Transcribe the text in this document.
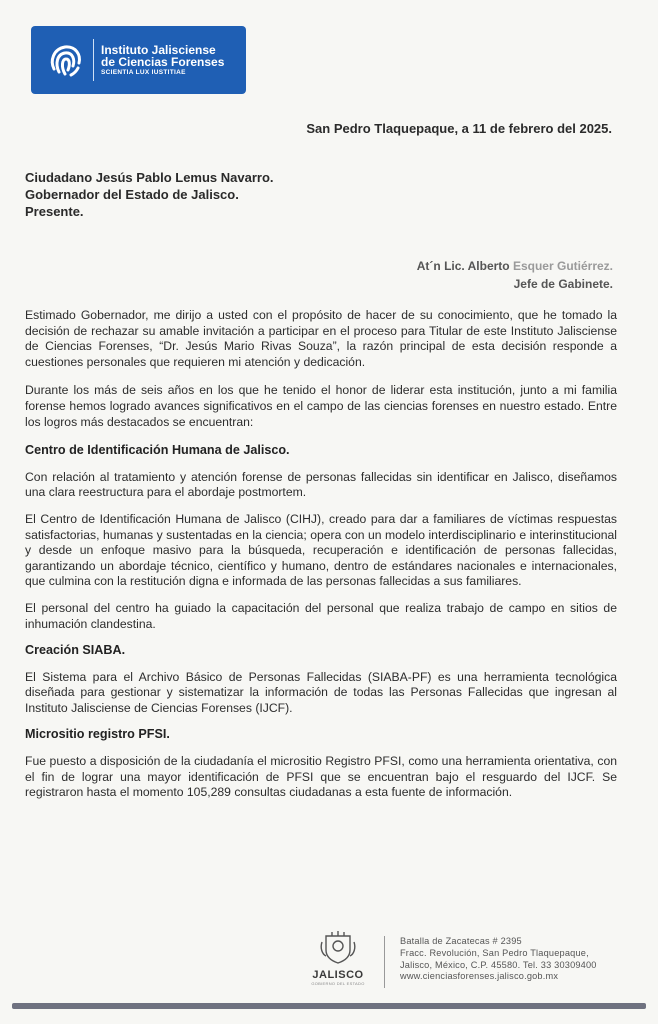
Instituto Jalisciense
de Ciencias Forenses
SCIENTIA LUX IUSTITIAE
San Pedro Tlaquepaque, a 11 de febrero del 2025.
Ciudadano Jesús Pablo Lemus Navarro.
Gobernador del Estado de Jalisco.
Presente.
At´n Lic. Alberto Esquer Gutiérrez.
Jefe de Gabinete.

Estimado Gobernador, me dirijo a usted con el propósito de hacer de su conocimiento, que he tomado la decisión de rechazar su amable invitación a participar en el proceso para Titular de este Instituto Jalisciense de Ciencias Forenses, “Dr. Jesús Mario Rivas Souza”, la razón principal de esta decisión responde a cuestiones personales que requieren mi atención y dedicación.

Durante los más de seis años en los que he tenido el honor de liderar esta institución, junto a mi familia forense hemos logrado avances significativos en el campo de las ciencias forenses en nuestro estado. Entre los logros más destacados se encuentran:

Centro de Identificación Humana de Jalisco.

Con relación al tratamiento y atención forense de personas fallecidas sin identificar en Jalisco, diseñamos una clara reestructura para el abordaje postmortem.

El Centro de Identificación Humana de Jalisco (CIHJ), creado para dar a familiares de víctimas respuestas satisfactorias, humanas y sustentadas en la ciencia; opera con un modelo interdisciplinario e interinstitucional y desde un enfoque masivo para la búsqueda, recuperación e identificación de personas fallecidas, garantizando un abordaje técnico, científico y humano, dentro de estándares nacionales e internacionales, que culmina con la restitución digna e informada de las personas fallecidas a sus familiares.

El personal del centro ha guiado la capacitación del personal que realiza trabajo de campo en sitios de inhumación clandestina.

Creación SIABA.

El Sistema para el Archivo Básico de Personas Fallecidas (SIABA-PF) es una herramienta tecnológica diseñada para gestionar y sistematizar la información de todas las Personas Fallecidas que ingresan al Instituto Jalisciense de Ciencias Forenses (IJCF).

Micrositio registro PFSI.

Fue puesto a disposición de la ciudadanía el micrositio Registro PFSI, como una herramienta orientativa, con el fin de lograr una mayor identificación de PFSI que se encuentran bajo el resguardo del IJCF. Se registraron hasta el momento 105,289 consultas ciudadanas a esta fuente de información.

JALISCO
GOBIERNO DEL ESTADO
Batalla de Zacatecas # 2395
Fracc. Revolución, San Pedro Tlaquepaque,
Jalisco, México, C.P. 45580. Tel. 33 30309400
www.cienciasforenses.jalisco.gob.mx
